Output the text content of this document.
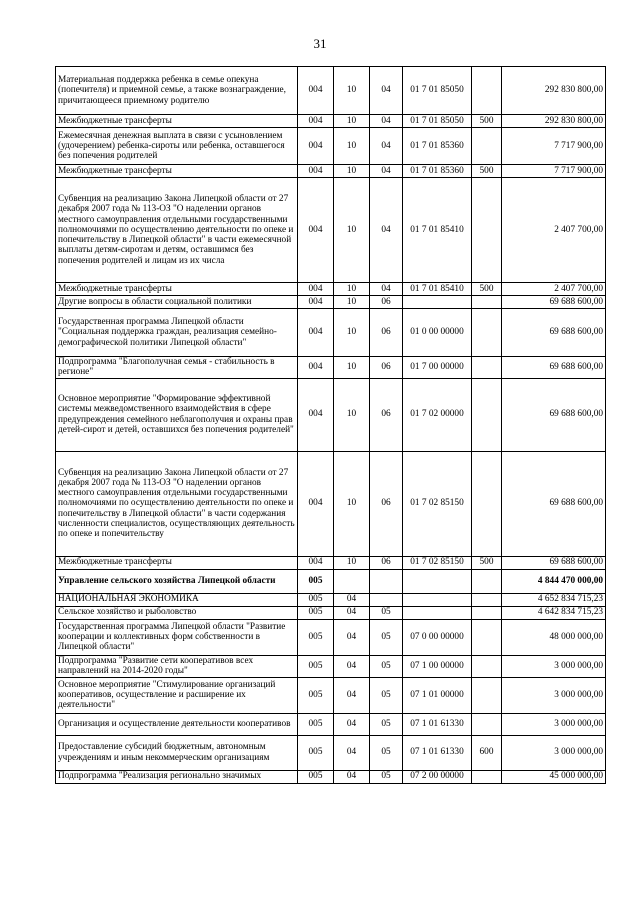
31
Материальная поддержка ребенка в семье опекуна (попечителя) и приемной семье, а также вознаграждение, причитающееся приемному родителю	004	10	04	01 7 01 85050		292 830 800,00
Межбюджетные трансферты	004	10	04	01 7 01 85050	500	292 830 800,00
Ежемесячная денежная выплата в связи с усыновлением (удочерением) ребенка-сироты или ребенка, оставшегося без попечения родителей	004	10	04	01 7 01 85360		7 717 900,00
Межбюджетные трансферты	004	10	04	01 7 01 85360	500	7 717 900,00
Субвенция на реализацию Закона Липецкой области от 27 декабря 2007 года № 113-ОЗ "О наделении органов местного самоуправления отдельными государственными полномочиями по осуществлению деятельности по опеке и попечительству в Липецкой области" в части ежемесячной выплаты детям-сиротам и детям, оставшимся без попечения родителей и лицам из их числа	004	10	04	01 7 01 85410		2 407 700,00
Межбюджетные трансферты	004	10	04	01 7 01 85410	500	2 407 700,00
Другие вопросы в области социальной политики	004	10	06			69 688 600,00
Государственная программа Липецкой области "Социальная поддержка граждан, реализация семейно-демографической политики Липецкой области"	004	10	06	01 0 00 00000		69 688 600,00
Подпрограмма "Благополучная семья - стабильность в регионе"	004	10	06	01 7 00 00000		69 688 600,00
Основное мероприятие "Формирование эффективной системы межведомственного взаимодействия в сфере предупреждения семейного неблагополучия и охраны прав детей-сирот и детей, оставшихся без попечения родителей"	004	10	06	01 7 02 00000		69 688 600,00
Субвенция на реализацию Закона Липецкой области от 27 декабря 2007 года № 113-ОЗ "О наделении органов местного самоуправления отдельными государственными полномочиями по осуществлению деятельности по опеке и попечительству в Липецкой области" в части содержания численности специалистов, осуществляющих деятельность по опеке и попечительству	004	10	06	01 7 02 85150		69 688 600,00
Межбюджетные трансферты	004	10	06	01 7 02 85150	500	69 688 600,00
Управление сельского хозяйства Липецкой области	005					4 844 470 000,00
НАЦИОНАЛЬНАЯ ЭКОНОМИКА	005	04				4 652 834 715,23
Сельское хозяйство и рыболовство	005	04	05			4 642 834 715,23
Государственная программа Липецкой области "Развитие кооперации и коллективных форм собственности в Липецкой области"	005	04	05	07 0 00 00000		48 000 000,00
Подпрограмма "Развитие сети кооперативов всех направлений на 2014-2020 годы"	005	04	05	07 1 00 00000		3 000 000,00
Основное мероприятие "Стимулирование организаций кооперативов, осуществление и расширение их деятельности"	005	04	05	07 1 01 00000		3 000 000,00
Организация и осуществление деятельности кооперативов	005	04	05	07 1 01 61330		3 000 000,00
Предоставление субсидий бюджетным, автономным учреждениям и иным некоммерческим организациям	005	04	05	07 1 01 61330	600	3 000 000,00
Подпрограмма "Реализация регионально значимых	005	04	05	07 2 00 00000		45 000 000,00
